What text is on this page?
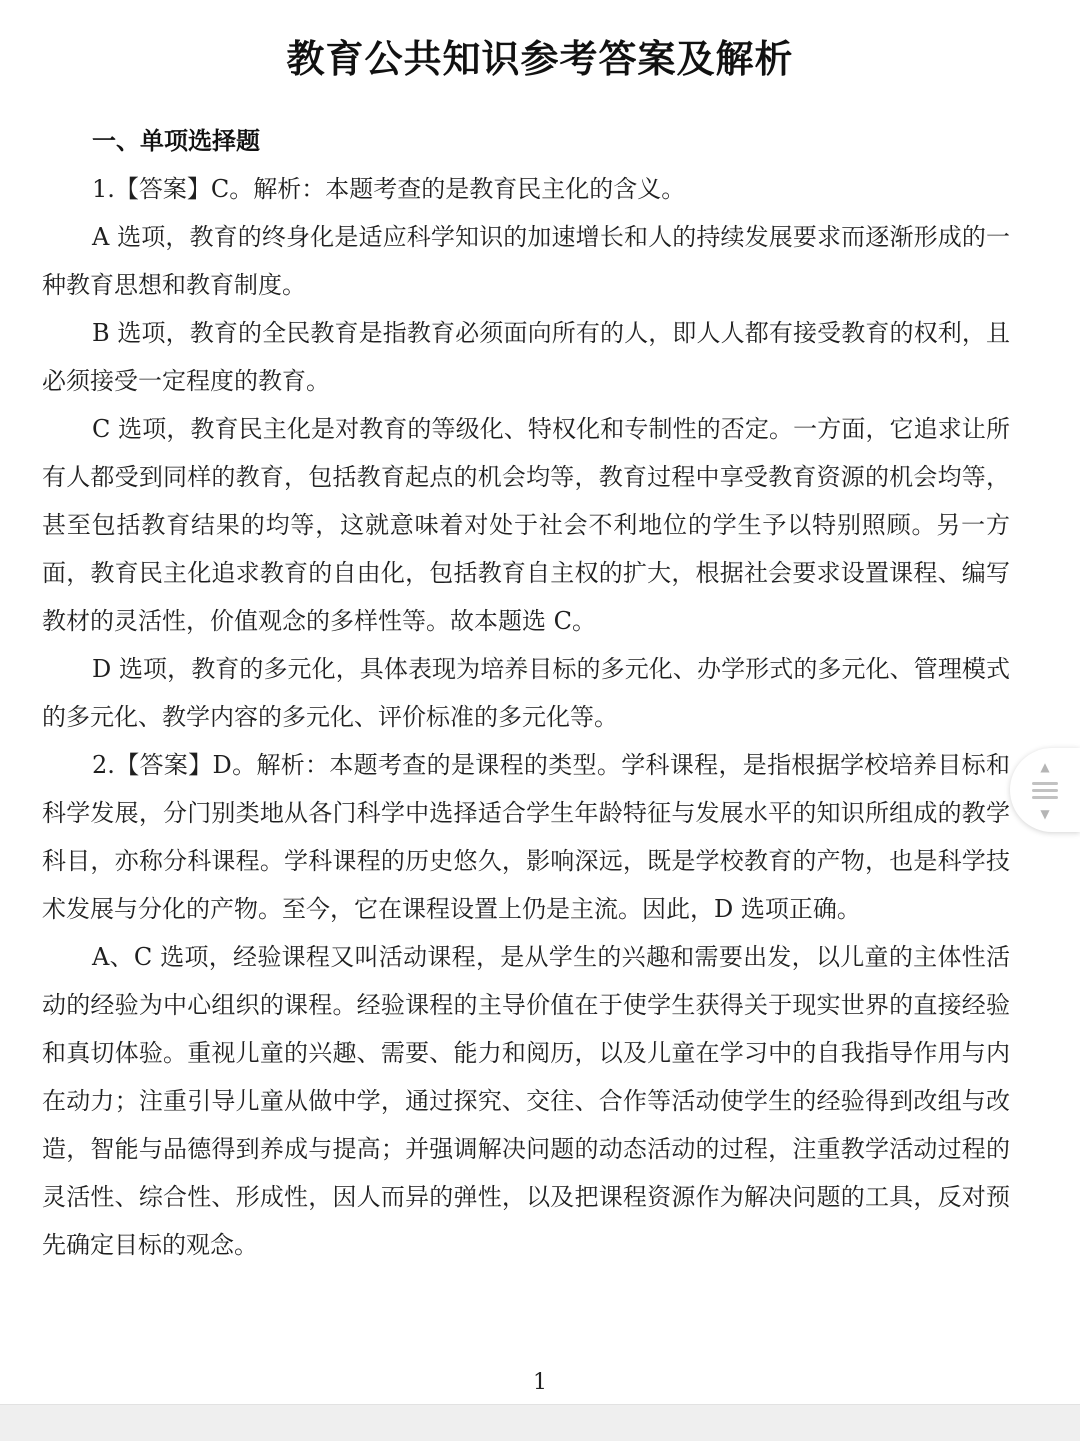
教育公共知识参考答案及解析

一、单项选择题

1.【答案】C。解析：本题考查的是教育民主化的含义。

A 选项，教育的终身化是适应科学知识的加速增长和人的持续发展要求而逐渐形成的一种教育思想和教育制度。

B 选项，教育的全民教育是指教育必须面向所有的人，即人人都有接受教育的权利，且必须接受一定程度的教育。

C 选项，教育民主化是对教育的等级化、特权化和专制性的否定。一方面，它追求让所有人都受到同样的教育，包括教育起点的机会均等，教育过程中享受教育资源的机会均等，甚至包括教育结果的均等，这就意味着对处于社会不利地位的学生予以特别照顾。另一方面，教育民主化追求教育的自由化，包括教育自主权的扩大，根据社会要求设置课程、编写教材的灵活性，价值观念的多样性等。故本题选 C。

D 选项，教育的多元化，具体表现为培养目标的多元化、办学形式的多元化、管理模式的多元化、教学内容的多元化、评价标准的多元化等。

2.【答案】D。解析：本题考查的是课程的类型。学科课程，是指根据学校培养目标和科学发展，分门别类地从各门科学中选择适合学生年龄特征与发展水平的知识所组成的教学科目，亦称分科课程。学科课程的历史悠久，影响深远，既是学校教育的产物，也是科学技术发展与分化的产物。至今，它在课程设置上仍是主流。因此，D 选项正确。

A、C 选项，经验课程又叫活动课程，是从学生的兴趣和需要出发，以儿童的主体性活动的经验为中心组织的课程。经验课程的主导价值在于使学生获得关于现实世界的直接经验和真切体验。重视儿童的兴趣、需要、能力和阅历，以及儿童在学习中的自我指导作用与内在动力；注重引导儿童从做中学，通过探究、交往、合作等活动使学生的经验得到改组与改造，智能与品德得到养成与提高；并强调解决问题的动态活动的过程，注重教学活动过程的灵活性、综合性、形成性，因人而异的弹性，以及把课程资源作为解决问题的工具，反对预先确定目标的观念。

1
▲
▼
